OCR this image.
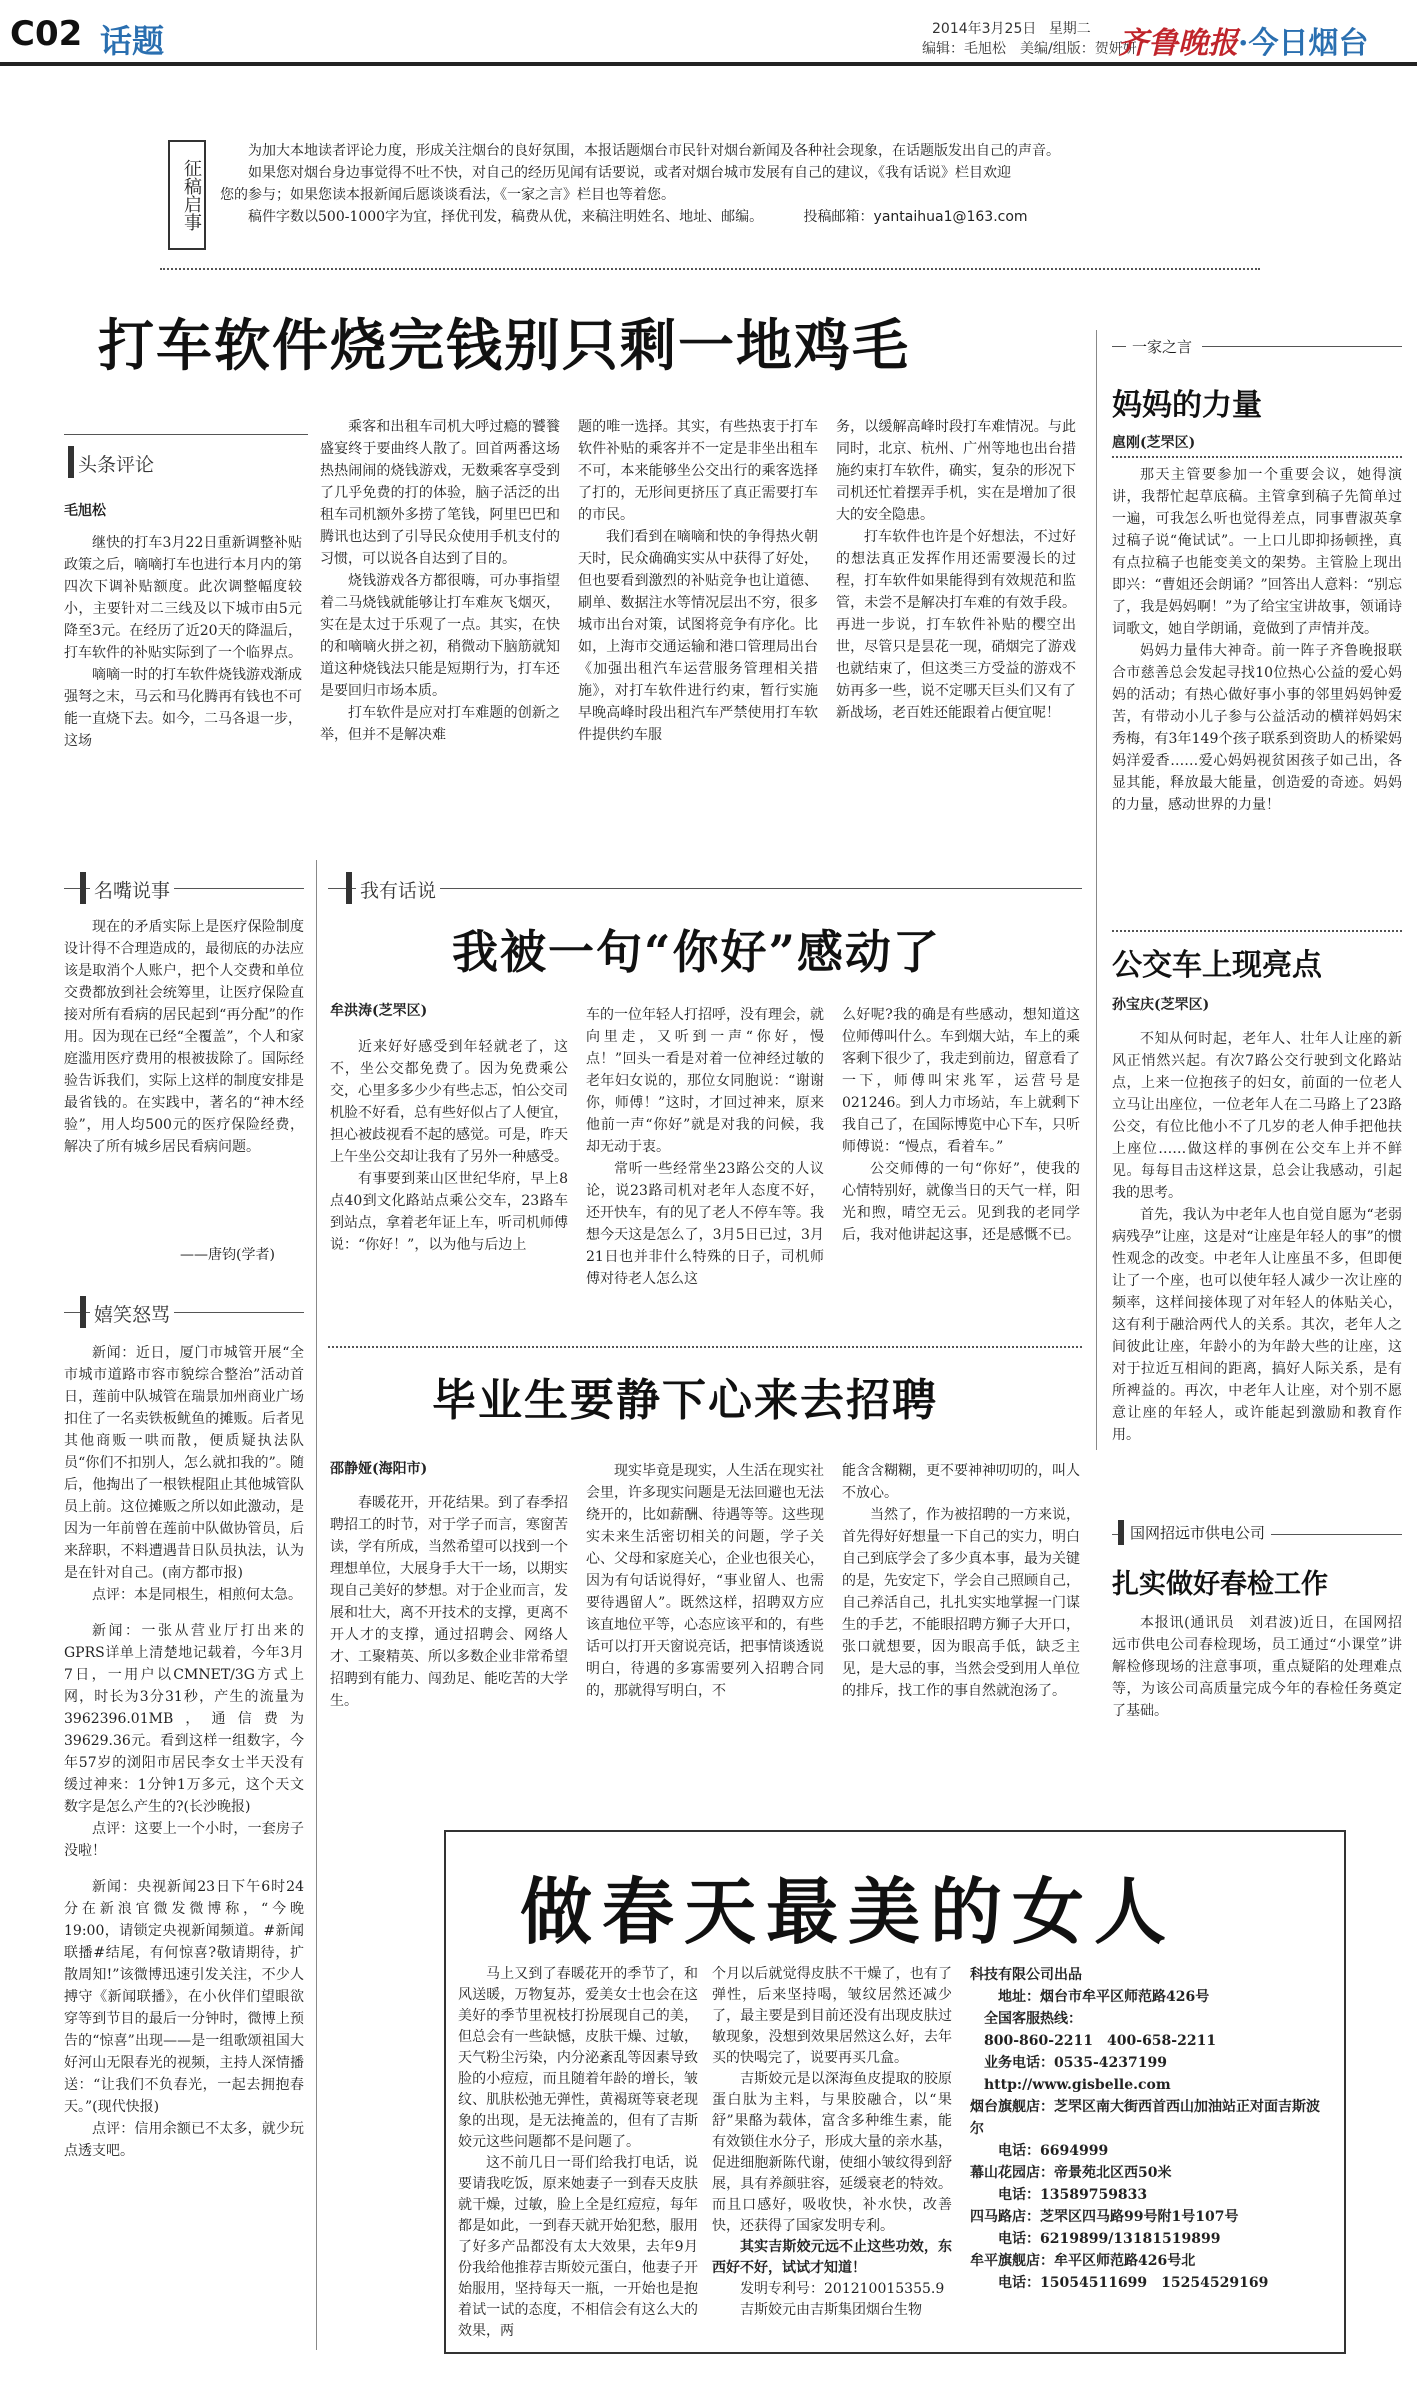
C02 话题	2014年3月25日 星期二
编辑：毛旭松　美编/组版：贺妍妍
齐鲁晚报·今日烟台
征稿启事
为加大本地读者评论力度，形成关注烟台的良好氛围，本报话题烟台市民针对烟台新闻及各种社会现象，在话题版发出自己的声音。
如果您对烟台身边事觉得不吐不快，对自己的经历见闻有话要说，或者对烟台城市发展有自己的建议，《我有话说》栏目欢迎
您的参与；如果您读本报新闻后愿谈谈看法，《一家之言》栏目也等着您。
稿件字数以500-1000字为宜，择优刊发，稿费从优，来稿注明姓名、地址、邮编。	投稿邮箱：yantaihua1@163.com
打车软件烧完钱别只剩一地鸡毛
头条评论
毛旭松

继快的打车3月22日重新调整补贴政策之后，嘀嘀打车也进行本月内的第四次下调补贴额度。此次调整幅度较小，主要针对二三线及以下城市由5元降至3元。在经历了近20天的降温后，打车软件的补贴实际到了一个临界点。

嘀嘀一时的打车软件烧钱游戏渐成强弩之末，马云和马化腾再有钱也不可能一直烧下去。如今，二马各退一步，这场

乘客和出租车司机大呼过瘾的饕餮盛宴终于要曲终人散了。回首两番这场热热闹闹的烧钱游戏，无数乘客享受到了几乎免费的打的体验，脑子活泛的出租车司机额外多捞了笔钱，阿里巴巴和腾讯也达到了引导民众使用手机支付的习惯，可以说各自达到了目的。

烧钱游戏各方都很嗨，可办事指望着二马烧钱就能够让打车难灰飞烟灭，实在是太过于乐观了一点。其实，在快的和嘀嘀火拼之初，稍微动下脑筋就知道这种烧钱法只能是短期行为，打车还是要回归市场本质。

打车软件是应对打车难题的创新之举，但并不是解决难

题的唯一选择。其实，有些热衷于打车软件补贴的乘客并不一定是非坐出租车不可，本来能够坐公交出行的乘客选择了打的，无形间更挤压了真正需要打车的市民。

我们看到在嘀嘀和快的争得热火朝天时，民众确确实实从中获得了好处，但也要看到激烈的补贴竞争也让道德、刷单、数据注水等情况层出不穷，很多城市出台对策，试图将竞争有序化。比如，上海市交通运输和港口管理局出台《加强出租汽车运营服务管理相关措施》，对打车软件进行约束，暂行实施早晚高峰时段出租汽车严禁使用打车软件提供约车服

务，以缓解高峰时段打车难情况。与此同时，北京、杭州、广州等地也出台措施约束打车软件，确实，复杂的形况下司机还忙着摆弄手机，实在是增加了很大的安全隐患。

打车软件也许是个好想法，不过好的想法真正发挥作用还需要漫长的过程，打车软件如果能得到有效规范和监管，未尝不是解决打车难的有效手段。再进一步说，打车软件补贴的樱空出世，尽管只是昙花一现，硝烟完了游戏也就结束了，但这类三方受益的游戏不妨再多一些，说不定哪天巨头们又有了新战场，老百姓还能跟着占便宜呢！

一家之言
妈妈的力量
扈刚(芝罘区)

那天主管要参加一个重要会议，她得演讲，我帮忙起草底稿。主管拿到稿子先简单过一遍，可我怎么听也觉得差点，同事曹淑英拿过稿子说“俺试试”。一上口儿即抑扬顿挫，真有点拉稿子也能变美文的架势。主管脸上现出即兴：“曹姐还会朗诵？”回答出人意料：“别忘了，我是妈妈啊！”为了给宝宝讲故事，领诵诗词歌文，她自学朗诵，竟做到了声情并茂。

妈妈力量伟大神奇。前一阵子齐鲁晚报联合市慈善总会发起寻找10位热心公益的爱心妈妈的活动；有热心做好事小事的邻里妈妈钟爱苦，有带动小儿子参与公益活动的横祥妈妈宋秀梅，有3年149个孩子联系到资助人的桥梁妈妈洋爱香……爱心妈妈视贫困孩子如己出，各显其能，释放最大能量，创造爱的奇迹。妈妈的力量，感动世界的力量！

公交车上现亮点
孙宝庆(芝罘区)

不知从何时起，老年人、壮年人让座的新风正悄然兴起。有次7路公交行驶到文化路站点，上来一位抱孩子的妇女，前面的一位老人立马让出座位，一位老年人在二马路上了23路公交，有位比他小不了几岁的老人伸手把他扶上座位……做这样的事例在公交车上并不鲜见。每每目击这样这景，总会让我感动，引起我的思考。

首先，我认为中老年人也自觉自愿为“老弱病残孕”让座，这是对“让座是年轻人的事”的惯性观念的改变。中老年人让座虽不多，但即便让了一个座，也可以使年轻人减少一次让座的频率，这样间接体现了对年轻人的体贴关心，这有利于融洽两代人的关系。其次，老年人之间彼此让座，年龄小的为年龄大些的让座，这对于拉近互相间的距离，搞好人际关系，是有所裨益的。再次，中老年人让座，对个别不愿意让座的年轻人，或许能起到激励和教育作用。

国网招远市供电公司
扎实做好春检工作

本报讯(通讯员　刘君波)近日，在国网招远市供电公司春检现场，员工通过“小课堂”讲解检修现场的注意事项，重点疑陷的处理难点等，为该公司高质量完成今年的春检任务奠定了基础。

名嘴说事

现在的矛盾实际上是医疗保险制度设计得不合理造成的，最彻底的办法应该是取消个人账户，把个人交费和单位交费都放到社会统筹里，让医疗保险直接对所有看病的居民起到“再分配”的作用。因为现在已经“全覆盖”，个人和家庭滥用医疗费用的根被拔除了。国际经验告诉我们，实际上这样的制度安排是最省钱的。在实践中，著名的“神木经验”，用人均500元的医疗保险经费，解决了所有城乡居民看病问题。

——唐钧(学者)
嬉笑怒骂

新闻：近日，厦门市城管开展“全市城市道路市容市貌综合整治”活动首日，莲前中队城管在瑞景加州商业广场扣住了一名卖铁板鱿鱼的摊贩。后者见其他商贩一哄而散，便质疑执法队员“你们不扣别人，怎么就扣我的”。随后，他掏出了一根铁棍阻止其他城管队员上前。这位摊贩之所以如此激动，是因为一年前曾在莲前中队做协管员，后来辞职，不料遭遇昔日队员执法，认为是在针对自己。(南方都市报)

点评：本是同根生，相煎何太急。

新闻：一张从营业厅打出来的GPRS详单上清楚地记载着，今年3月7日，一用户以CMNET/3G方式上网，时长为3分31秒，产生的流量为3962396.01MB，通信费为39629.36元。看到这样一组数字，今年57岁的浏阳市居民李女士半天没有缓过神来：1分钟1万多元，这个天文数字是怎么产生的?(长沙晚报)

点评：这要上一个小时，一套房子没啦！

新闻：央视新闻23日下午6时24分在新浪官微发微博称，“今晚19:00，请锁定央视新闻频道。#新闻联播#结尾，有何惊喜?敬请期待，扩散周知!”该微博迅速引发关注，不少人搏守《新闻联播》，在小伙伴们望眼欲穿等到节目的最后一分钟时，微博上预告的“惊喜”出现——是一组歌颂祖国大好河山无限春光的视频，主持人深情播送：“让我们不负春光，一起去拥抱春天。”(现代快报)

点评：信用余额已不太多，就少玩点透支吧。

我有话说
我被一句“你好”感动了
牟洪涛(芝罘区)

近来好好感受到年轻就老了，这不，坐公交都免费了。因为免费乘公交，心里多多少少有些忐忑，怕公交司机脸不好看，总有些好似占了人便宜，担心被歧视看不起的感觉。可是，昨天上午坐公交却让我有了另外一种感受。

有事要到莱山区世纪华府，早上8点40到文化路站点乘公交车，23路车到站点，拿着老年证上车，听司机师傅说：“你好！”，以为他与后边上

车的一位年轻人打招呼，没有理会，就向里走，又听到一声“你好，慢点！”回头一看是对着一位神经过敏的老年妇女说的，那位女同胞说：“谢谢你，师傅！”这时，才回过神来，原来他前一声“你好”就是对我的问候，我却无动于衷。

常听一些经常坐23路公交的人议论，说23路司机对老年人态度不好，还开快车，有的见了老人不停车等。我想今天这是怎么了，3月5日已过，3月21日也并非什么特殊的日子，司机师傅对待老人怎么这

么好呢?我的确是有些感动，想知道这位师傅叫什么。车到烟大站，车上的乘客剩下很少了，我走到前边，留意看了一下，师傅叫宋兆军，运营号是021246。到人力市场站，车上就剩下我自己了，在国际博览中心下车，只听师傅说：“慢点，看着车。”

公交师傅的一句“你好”，使我的心情特别好，就像当日的天气一样，阳光和煦，晴空无云。见到我的老同学后，我对他讲起这事，还是感慨不已。

毕业生要静下心来去招聘
邵静娅(海阳市)

春暖花开，开花结果。到了春季招聘招工的时节，对于学子而言，寒窗苦读，学有所成，当然希望可以找到一个理想单位，大展身手大干一场，以期实现自己美好的梦想。对于企业而言，发展和壮大，离不开技术的支撑，更离不开人才的支撑，通过招聘会、网络人才、工聚精英、所以多数企业非常希望招聘到有能力、闯劲足、能吃苦的大学生。

现实毕竟是现实，人生活在现实社会里，许多现实问题是无法回避也无法绕开的，比如薪酬、待遇等等。这些现实未来生活密切相关的问题，学子关心、父母和家庭关心，企业也很关心，因为有句话说得好，“事业留人、也需要待遇留人”。既然这样，招聘双方应该直地位平等，心态应该平和的，有些话可以打开天窗说亮话，把事情谈透说明白，待遇的多寡需要列入招聘合同的，那就得写明白，不

能含含糊糊，更不要神神叨叨的，叫人不放心。

当然了，作为被招聘的一方来说，首先得好好想量一下自己的实力，明白自己到底学会了多少真本事，最为关键的是，先安定下，学会自己照顾自己，自己养活自己，扎扎实实地掌握一门谋生的手艺，不能眼招聘方狮子大开口，张口就想要，因为眼高手低，缺乏主见，是大忌的事，当然会受到用人单位的排斥，找工作的事自然就泡汤了。

做春天最美的女人

马上又到了春暖花开的季节了，和风送暖，万物复苏，爱美女士也会在这美好的季节里祝枝打扮展现自己的美，但总会有一些缺憾，皮肤干燥、过敏，天气粉尘污染，内分泌紊乱等因素导致脸的小痘痘，而且随着年龄的增长，皱纹、肌肤松弛无弹性，黄褐斑等衰老现象的出现，是无法掩盖的，但有了吉斯姣元这些问题都不是问题了。

这不前几日一哥们给我打电话，说要请我吃饭，原来她妻子一到春天皮肤就干燥，过敏，脸上全是红痘痘，每年都是如此，一到春天就开始犯愁，服用了好多产品都没有太大效果，去年9月份我给他推荐吉斯姣元蛋白，他妻子开始服用，坚持每天一瓶，一开始也是抱着试一试的态度，不相信会有这么大的效果，两

个月以后就觉得皮肤不干燥了，也有了弹性，后来坚持喝，皱纹居然还减少了，最主要是到目前还没有出现皮肤过敏现象，没想到效果居然这么好，去年买的快喝完了，说要再买几盒。

吉斯姣元是以深海鱼皮提取的胶原蛋白肽为主料，与果胶融合，以“果舒”果酪为载体，富含多种维生素，能有效锁住水分子，形成大量的亲水基，促进细胞新陈代谢，使细小皱纹得到舒展，具有养颜驻容，延缓衰老的特效。而且口感好，吸收快，补水快，改善快，还获得了国家发明专利。

其实吉斯姣元远不止这些功效，东西好不好，试试才知道！

发明专利号：201210015355.9

吉斯姣元由吉斯集团烟台生物

科技有限公司出品
地址：烟台市牟平区师范路426号
全国客服热线：
800-860-2211　400-658-2211
业务电话：0535-4237199
http://www.gisbelle.com
烟台旗舰店：芝罘区南大街西首西山加油站正对面吉斯波尔
电话：6694999
幕山花园店：帝景苑北区西50米
电话：13589759833
四马路店：芝罘区四马路99号附1号107号
电话：6219899/13181519899
牟平旗舰店：牟平区师范路426号北
电话：15054511699　15254529169
